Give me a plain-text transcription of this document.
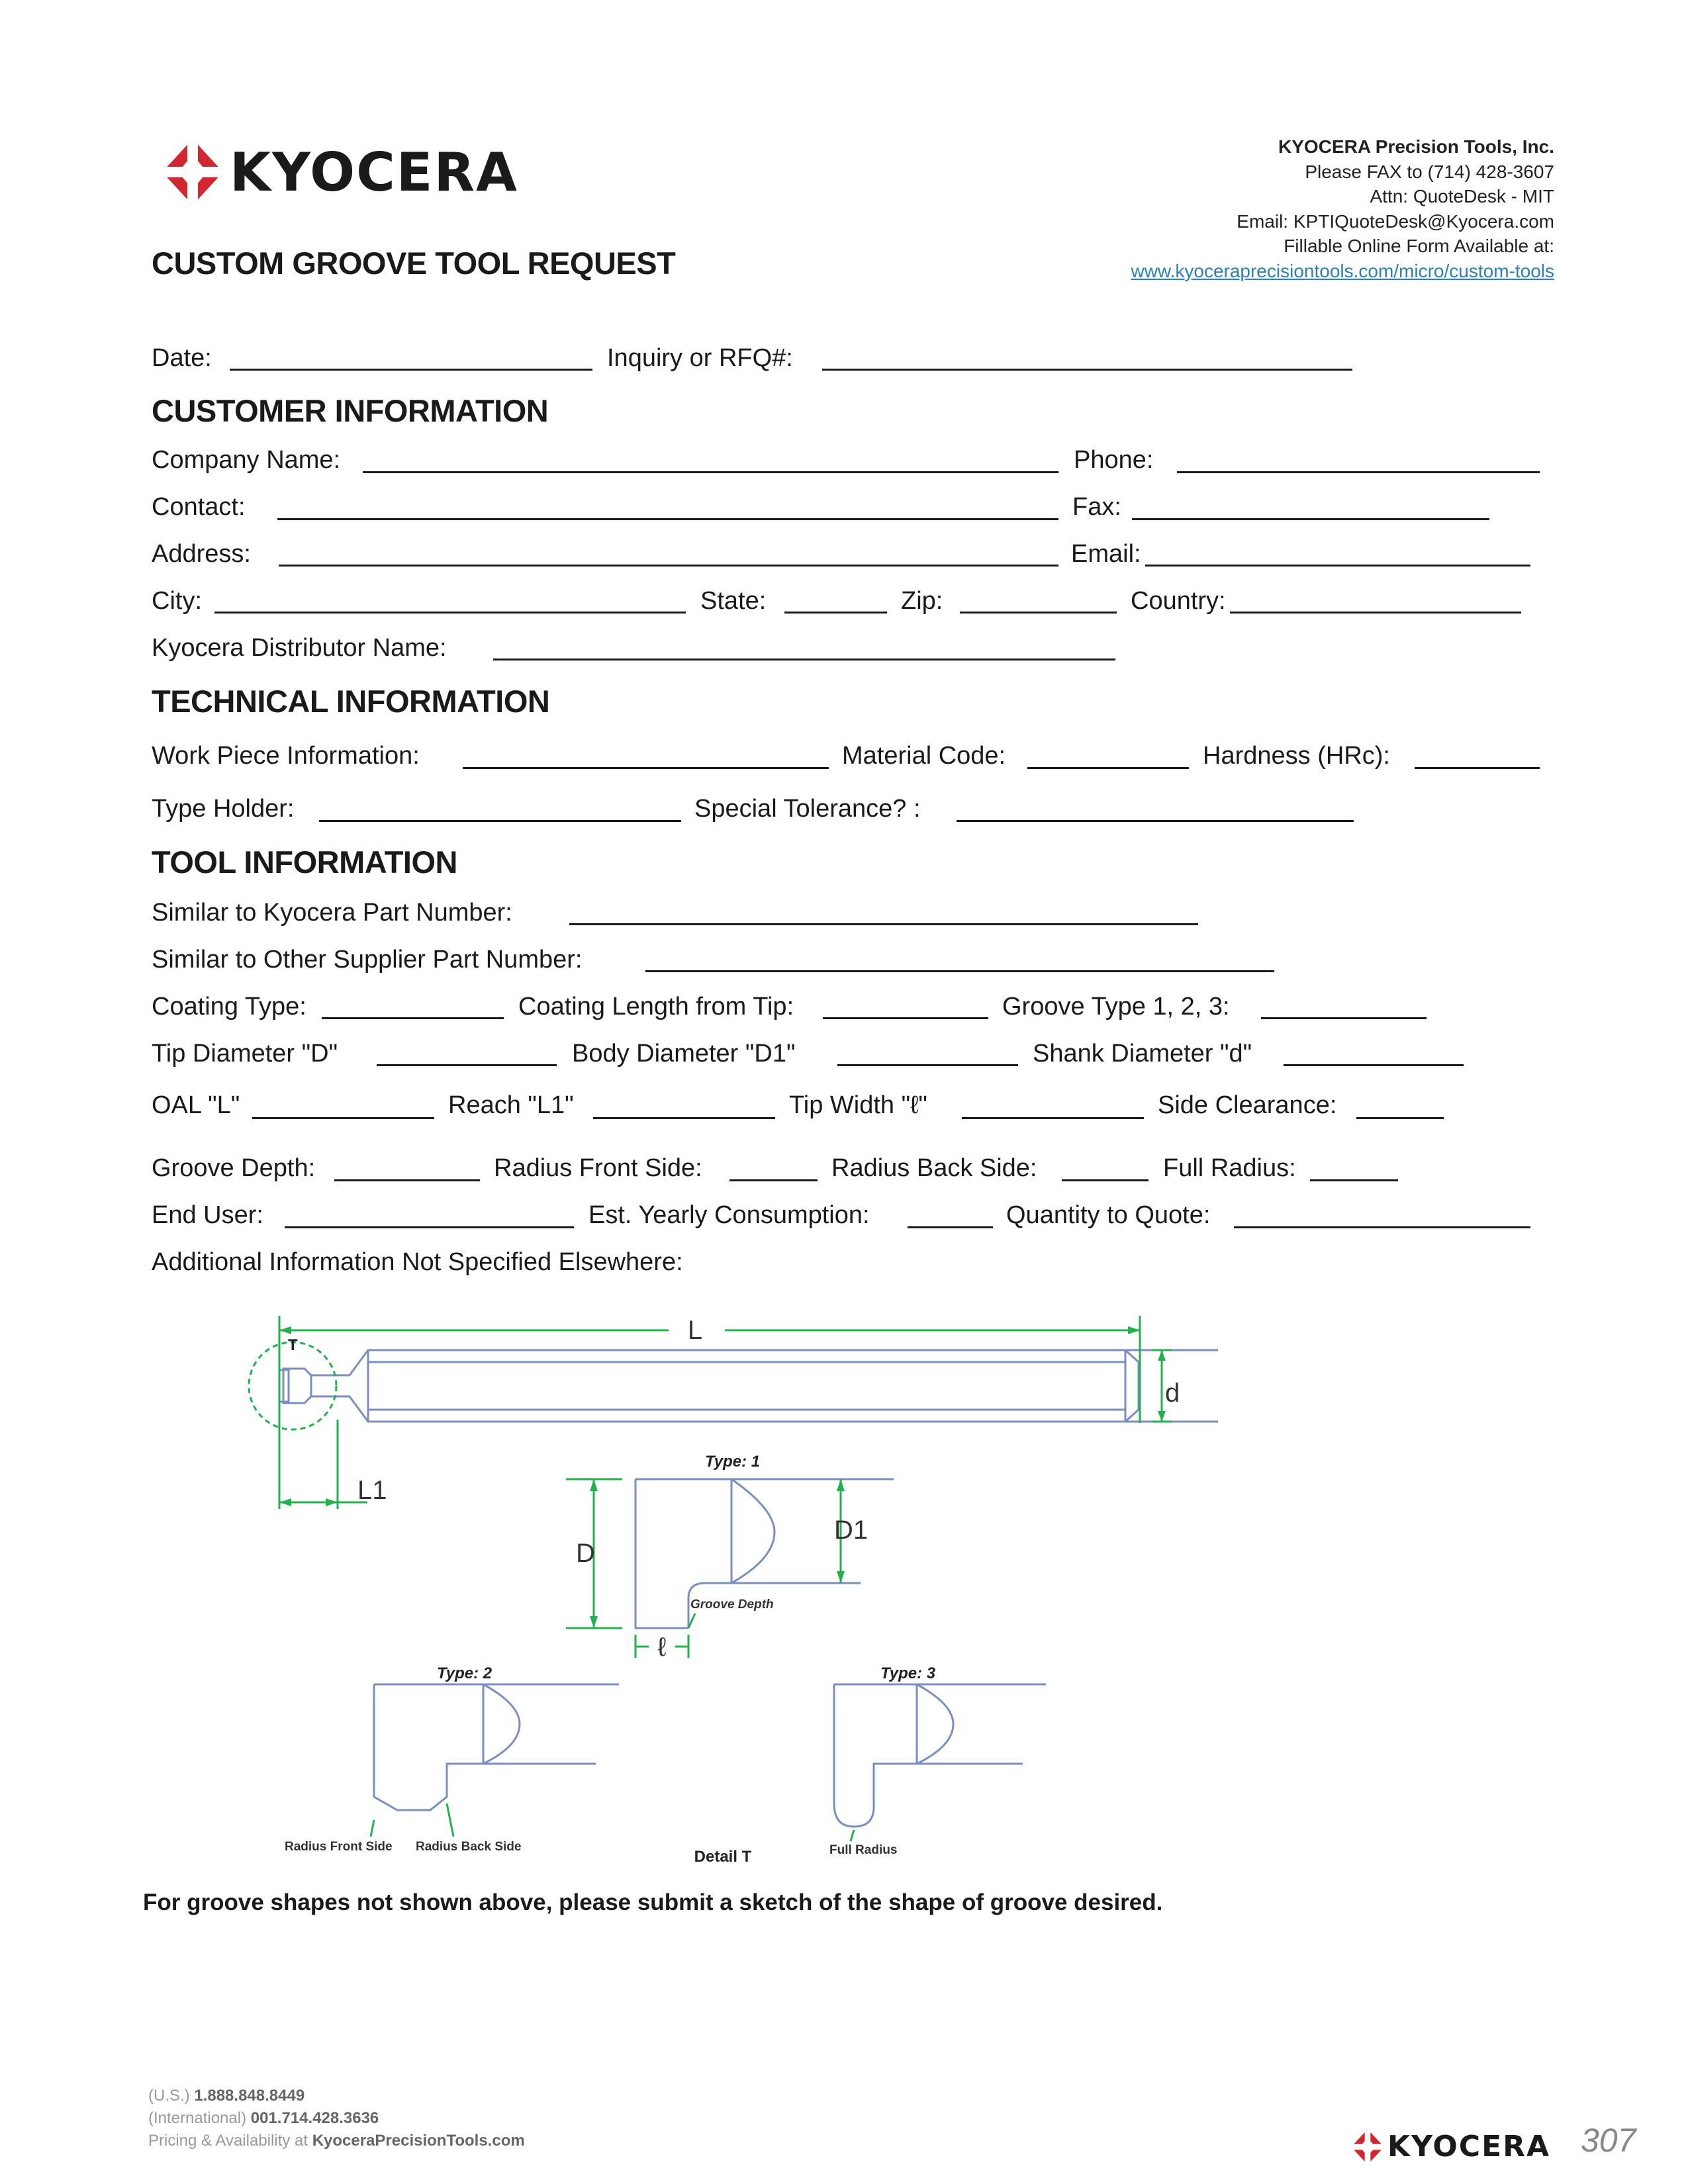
KYOCERA	KYOCERA Precision Tools, Inc.
Please FAX to (714) 428-3607
Attn: QuoteDesk - MIT
Email: KPTIQuoteDesk@Kyocera.com
Fillable Online Form Available at:
www.kyoceraprecisiontools.com/micro/custom-tools
CUSTOM GROOVE TOOL REQUEST
Date:	Inquiry or RFQ#:
CUSTOMER INFORMATION
Company Name:	Phone:
Contact:	Fax:
Address:	Email:
City:	State:	Zip:	Country:
Kyocera Distributor Name:
TECHNICAL INFORMATION
Work Piece Information:	Material Code:	Hardness (HRc):
Type Holder:	Special Tolerance? :
TOOL INFORMATION
Similar to Kyocera Part Number:
Similar to Other Supplier Part Number:
Coating Type:	Coating Length from Tip:	Groove Type 1, 2, 3:
Tip Diameter "D"	Body Diameter "D1"	Shank Diameter "d"
OAL "L"	Reach "L1"	Tip Width "ℓ"	Side Clearance:
Groove Depth:	Radius Front Side:	Radius Back Side:	Full Radius:
End User:	Est. Yearly Consumption:	Quantity to Quote:
Additional Information Not Specified Elsewhere:
L
T
d
L1
D
D1
ℓ
Type: 1
Groove Depth
Type: 2	Type: 3
Radius Front Side Radius Back Side	Full Radius
Detail T
For groove shapes not shown above, please submit a sketch of the shape of groove desired.
(U.S.) 1.888.848.8449
(International) 001.714.428.3636
Pricing & Availability at KyoceraPrecisionTools.com	KYOCERA 307
